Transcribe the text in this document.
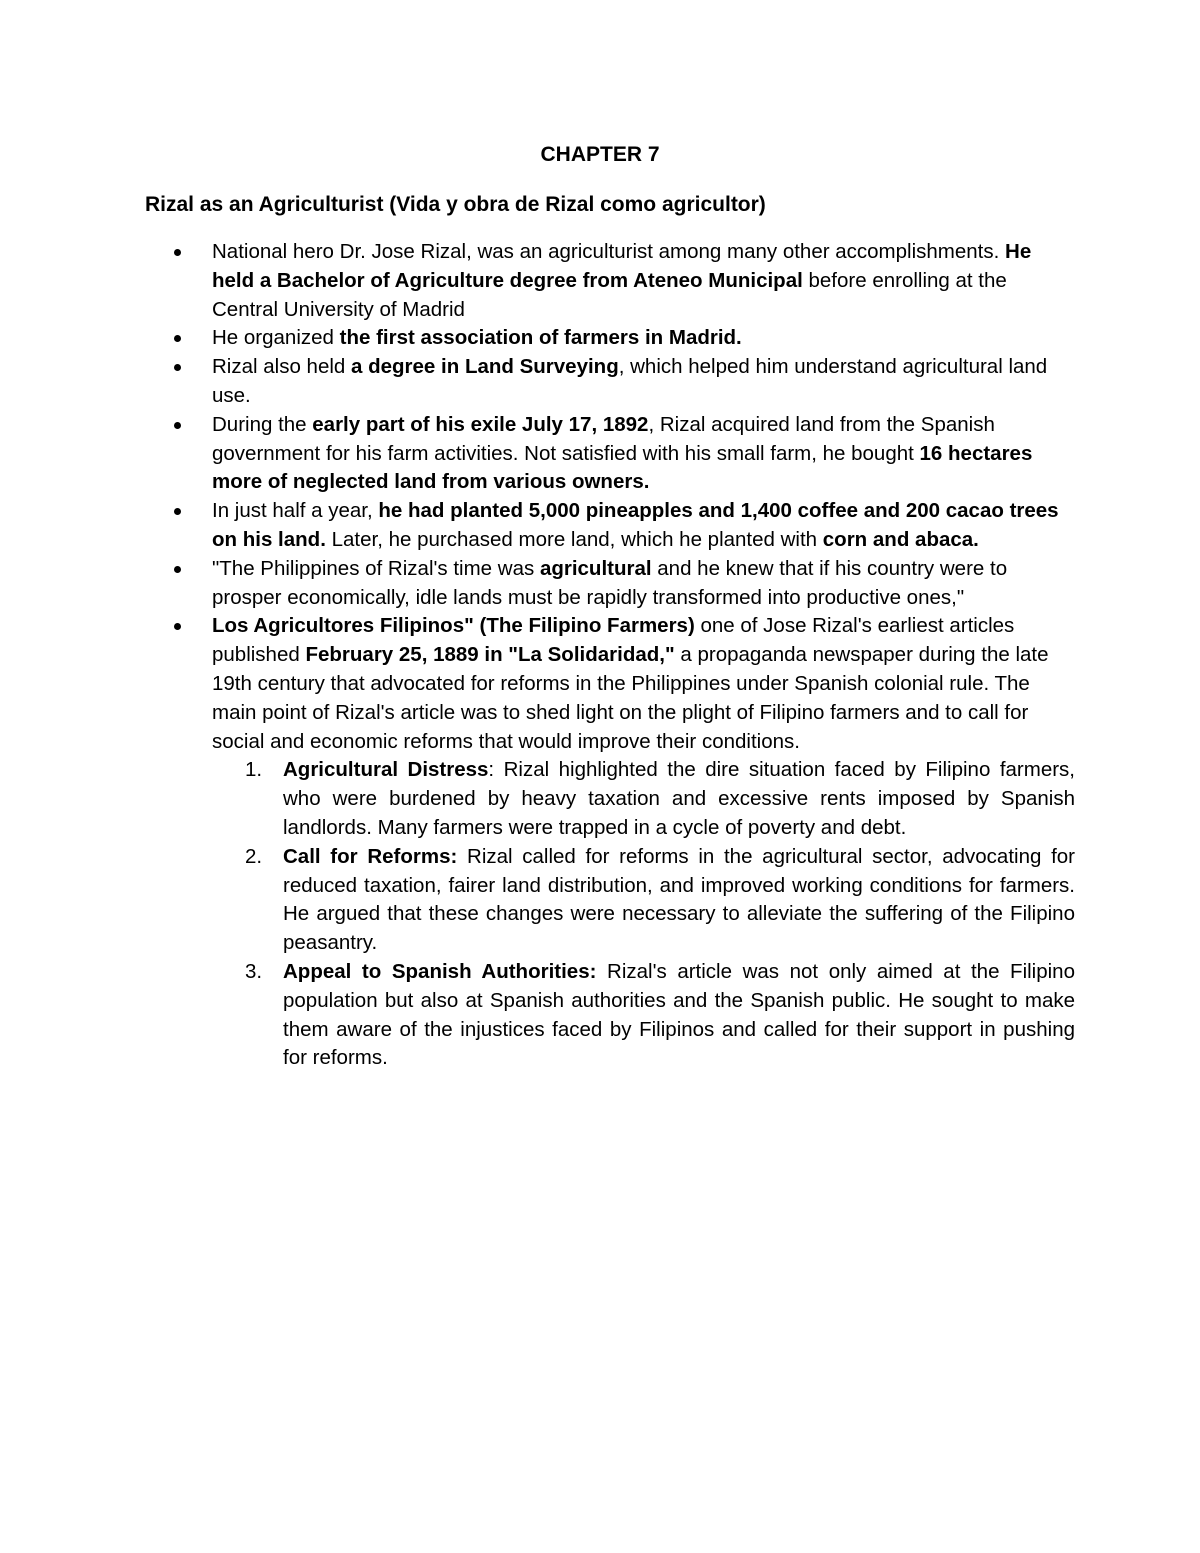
CHAPTER 7
Rizal as an Agriculturist (Vida y obra de Rizal como agricultor)
National hero Dr. Jose Rizal, was an agriculturist among many other accomplishments. He held a Bachelor of Agriculture degree from Ateneo Municipal before enrolling at the Central University of Madrid
He organized the first association of farmers in Madrid.
Rizal also held a degree in Land Surveying, which helped him understand agricultural land use.
During the early part of his exile July 17, 1892, Rizal acquired land from the Spanish government for his farm activities. Not satisfied with his small farm, he bought 16 hectares more of neglected land from various owners.
In just half a year, he had planted 5,000 pineapples and 1,400 coffee and 200 cacao trees on his land. Later, he purchased more land, which he planted with corn and abaca.
"The Philippines of Rizal's time was agricultural and he knew that if his country were to prosper economically, idle lands must be rapidly transformed into productive ones,"
Los Agricultores Filipinos" (The Filipino Farmers) one of Jose Rizal's earliest articles published February 25, 1889 in "La Solidaridad," a propaganda newspaper during the late 19th century that advocated for reforms in the Philippines under Spanish colonial rule. The main point of Rizal's article was to shed light on the plight of Filipino farmers and to call for social and economic reforms that would improve their conditions.
1. Agricultural Distress: Rizal highlighted the dire situation faced by Filipino farmers, who were burdened by heavy taxation and excessive rents imposed by Spanish landlords. Many farmers were trapped in a cycle of poverty and debt.
2. Call for Reforms: Rizal called for reforms in the agricultural sector, advocating for reduced taxation, fairer land distribution, and improved working conditions for farmers. He argued that these changes were necessary to alleviate the suffering of the Filipino peasantry.
3. Appeal to Spanish Authorities: Rizal's article was not only aimed at the Filipino population but also at Spanish authorities and the Spanish public. He sought to make them aware of the injustices faced by Filipinos and called for their support in pushing for reforms.
